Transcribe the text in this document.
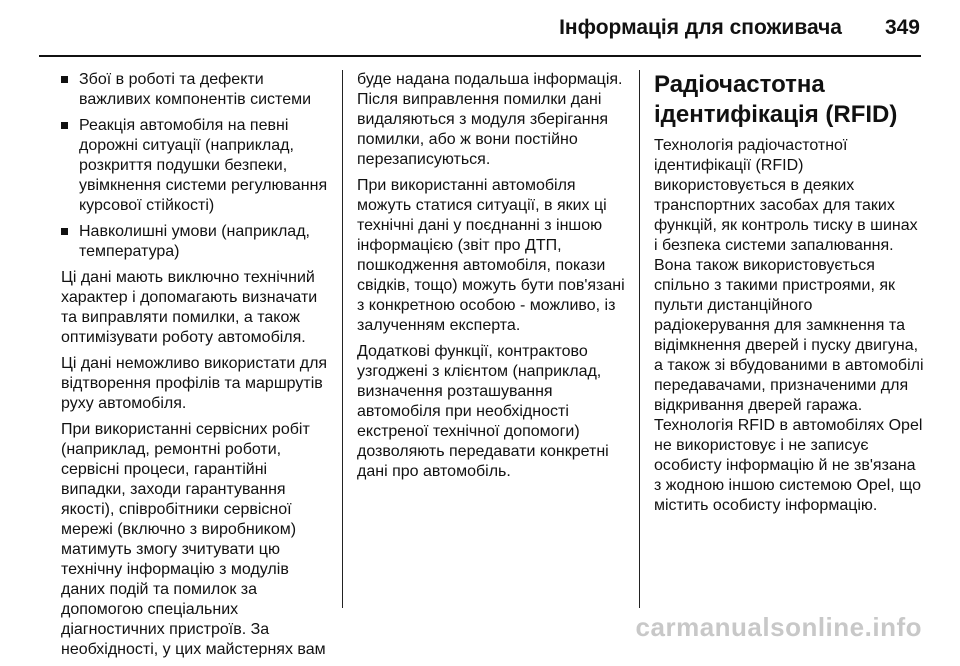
Інформація для споживача 349
Збої в роботі та дефекти важливих компонентів системи
Реакція автомобіля на певні дорожні ситуації (наприклад, розкриття подушки безпеки, увімкнення системи регулювання курсової стійкості)
Навколишні умови (наприклад, температура)

Ці дані мають виключно технічний характер і допомагають визначати та виправляти помилки, а також оптимізувати роботу автомобіля.

Ці дані неможливо використати для відтворення профілів та маршрутів руху автомобіля.

При використанні сервісних робіт (наприклад, ремонтні роботи, сервісні процеси, гарантійні випадки, заходи гарантування якості), співробітники сервісної мережі (включно з виробником) матимуть змогу зчитувати цю технічну інформацію з модулів даних подій та помилок за допомогою спеціальних діагностичних пристроїв. За необхідності, у цих майстернях вам

буде надана подальша інформація. Після виправлення помилки дані видаляються з модуля зберігання помилки, або ж вони постійно перезаписуються.

При використанні автомобіля можуть статися ситуації, в яких ці технічні дані у поєднанні з іншою інформацією (звіт про ДТП, пошкодження автомобіля, покази свідків, тощо) можуть бути пов'язані з конкретною особою - можливо, із залученням експерта.

Додаткові функції, контрактово узгоджені з клієнтом (наприклад, визначення розташування автомобіля при необхідності екстреної технічної допомоги) дозволяють передавати конкретні дані про автомобіль.

Радіочастотна ідентифікація (RFID)

Технологія радіочастотної ідентифікації (RFID) використовується в деяких транспортних засобах для таких функцій, як контроль тиску в шинах і безпека системи запалювання. Вона також використовується спільно з такими пристроями, як пульти дистанційного радіокерування для замкнення та відімкнення дверей і пуску двигуна, а також зі вбудованими в автомобілі передавачами, призначеними для відкривання дверей гаража. Технологія RFID в автомобілях Opel не використовує і не записує особисту інформацію й не зв'язана з жодною іншою системою Opel, що містить особисту інформацію.

carmanualsonline.info
